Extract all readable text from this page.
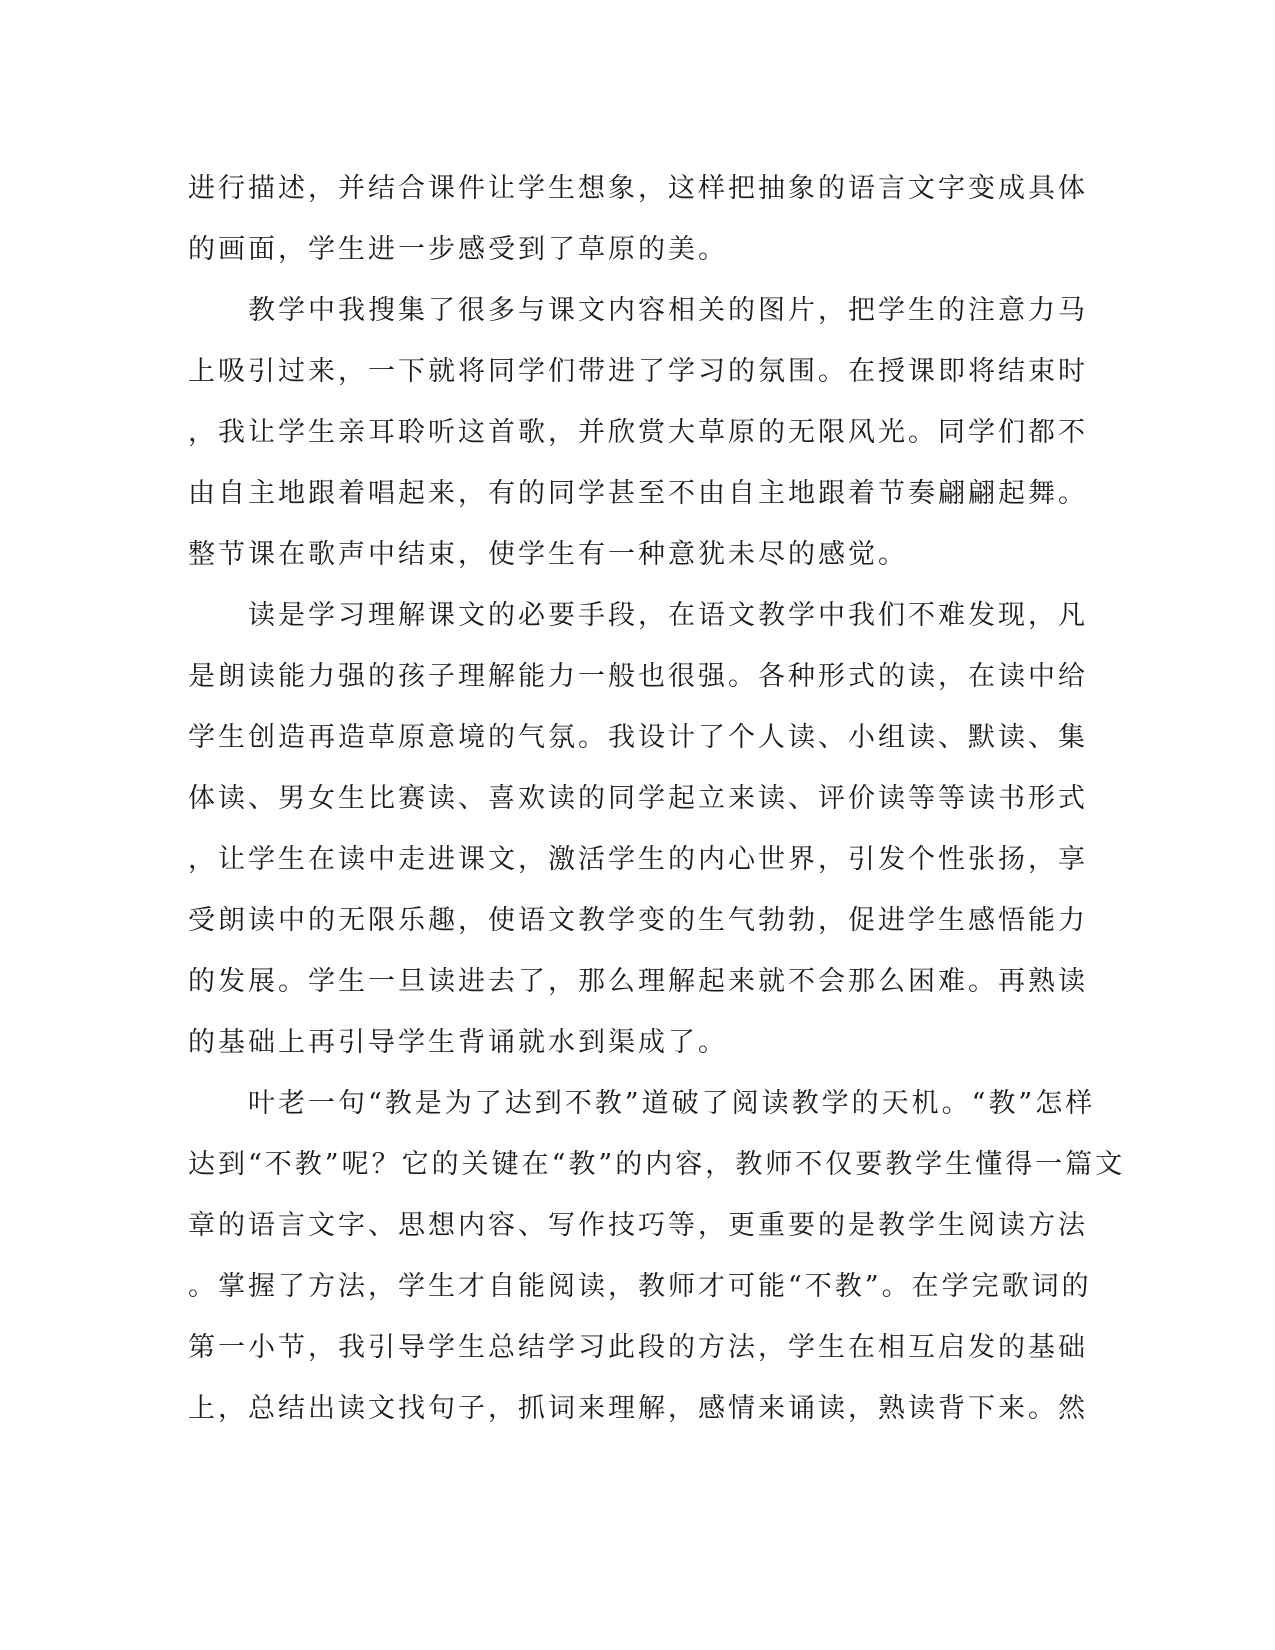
进行描述，并结合课件让学生想象，这样把抽象的语言文字变成具体
的画面，学生进一步感受到了草原的美。
　　教学中我搜集了很多与课文内容相关的图片，把学生的注意力马
上吸引过来，一下就将同学们带进了学习的氛围。在授课即将结束时
，我让学生亲耳聆听这首歌，并欣赏大草原的无限风光。同学们都不
由自主地跟着唱起来，有的同学甚至不由自主地跟着节奏翩翩起舞。
整节课在歌声中结束，使学生有一种意犹未尽的感觉。
　　读是学习理解课文的必要手段，在语文教学中我们不难发现，凡
是朗读能力强的孩子理解能力一般也很强。各种形式的读，在读中给
学生创造再造草原意境的气氛。我设计了个人读、小组读、默读、集
体读、男女生比赛读、喜欢读的同学起立来读、评价读等等读书形式
，让学生在读中走进课文，激活学生的内心世界，引发个性张扬，享
受朗读中的无限乐趣，使语文教学变的生气勃勃，促进学生感悟能力
的发展。学生一旦读进去了，那么理解起来就不会那么困难。再熟读
的基础上再引导学生背诵就水到渠成了。
　　叶老一句“教是为了达到不教”道破了阅读教学的天机。“教”怎样
达到“不教”呢？它的关键在“教”的内容，教师不仅要教学生懂得一篇文
章的语言文字、思想内容、写作技巧等，更重要的是教学生阅读方法
。掌握了方法，学生才自能阅读，教师才可能“不教”。在学完歌词的
第一小节，我引导学生总结学习此段的方法，学生在相互启发的基础
上，总结出读文找句子，抓词来理解，感情来诵读，熟读背下来。然
